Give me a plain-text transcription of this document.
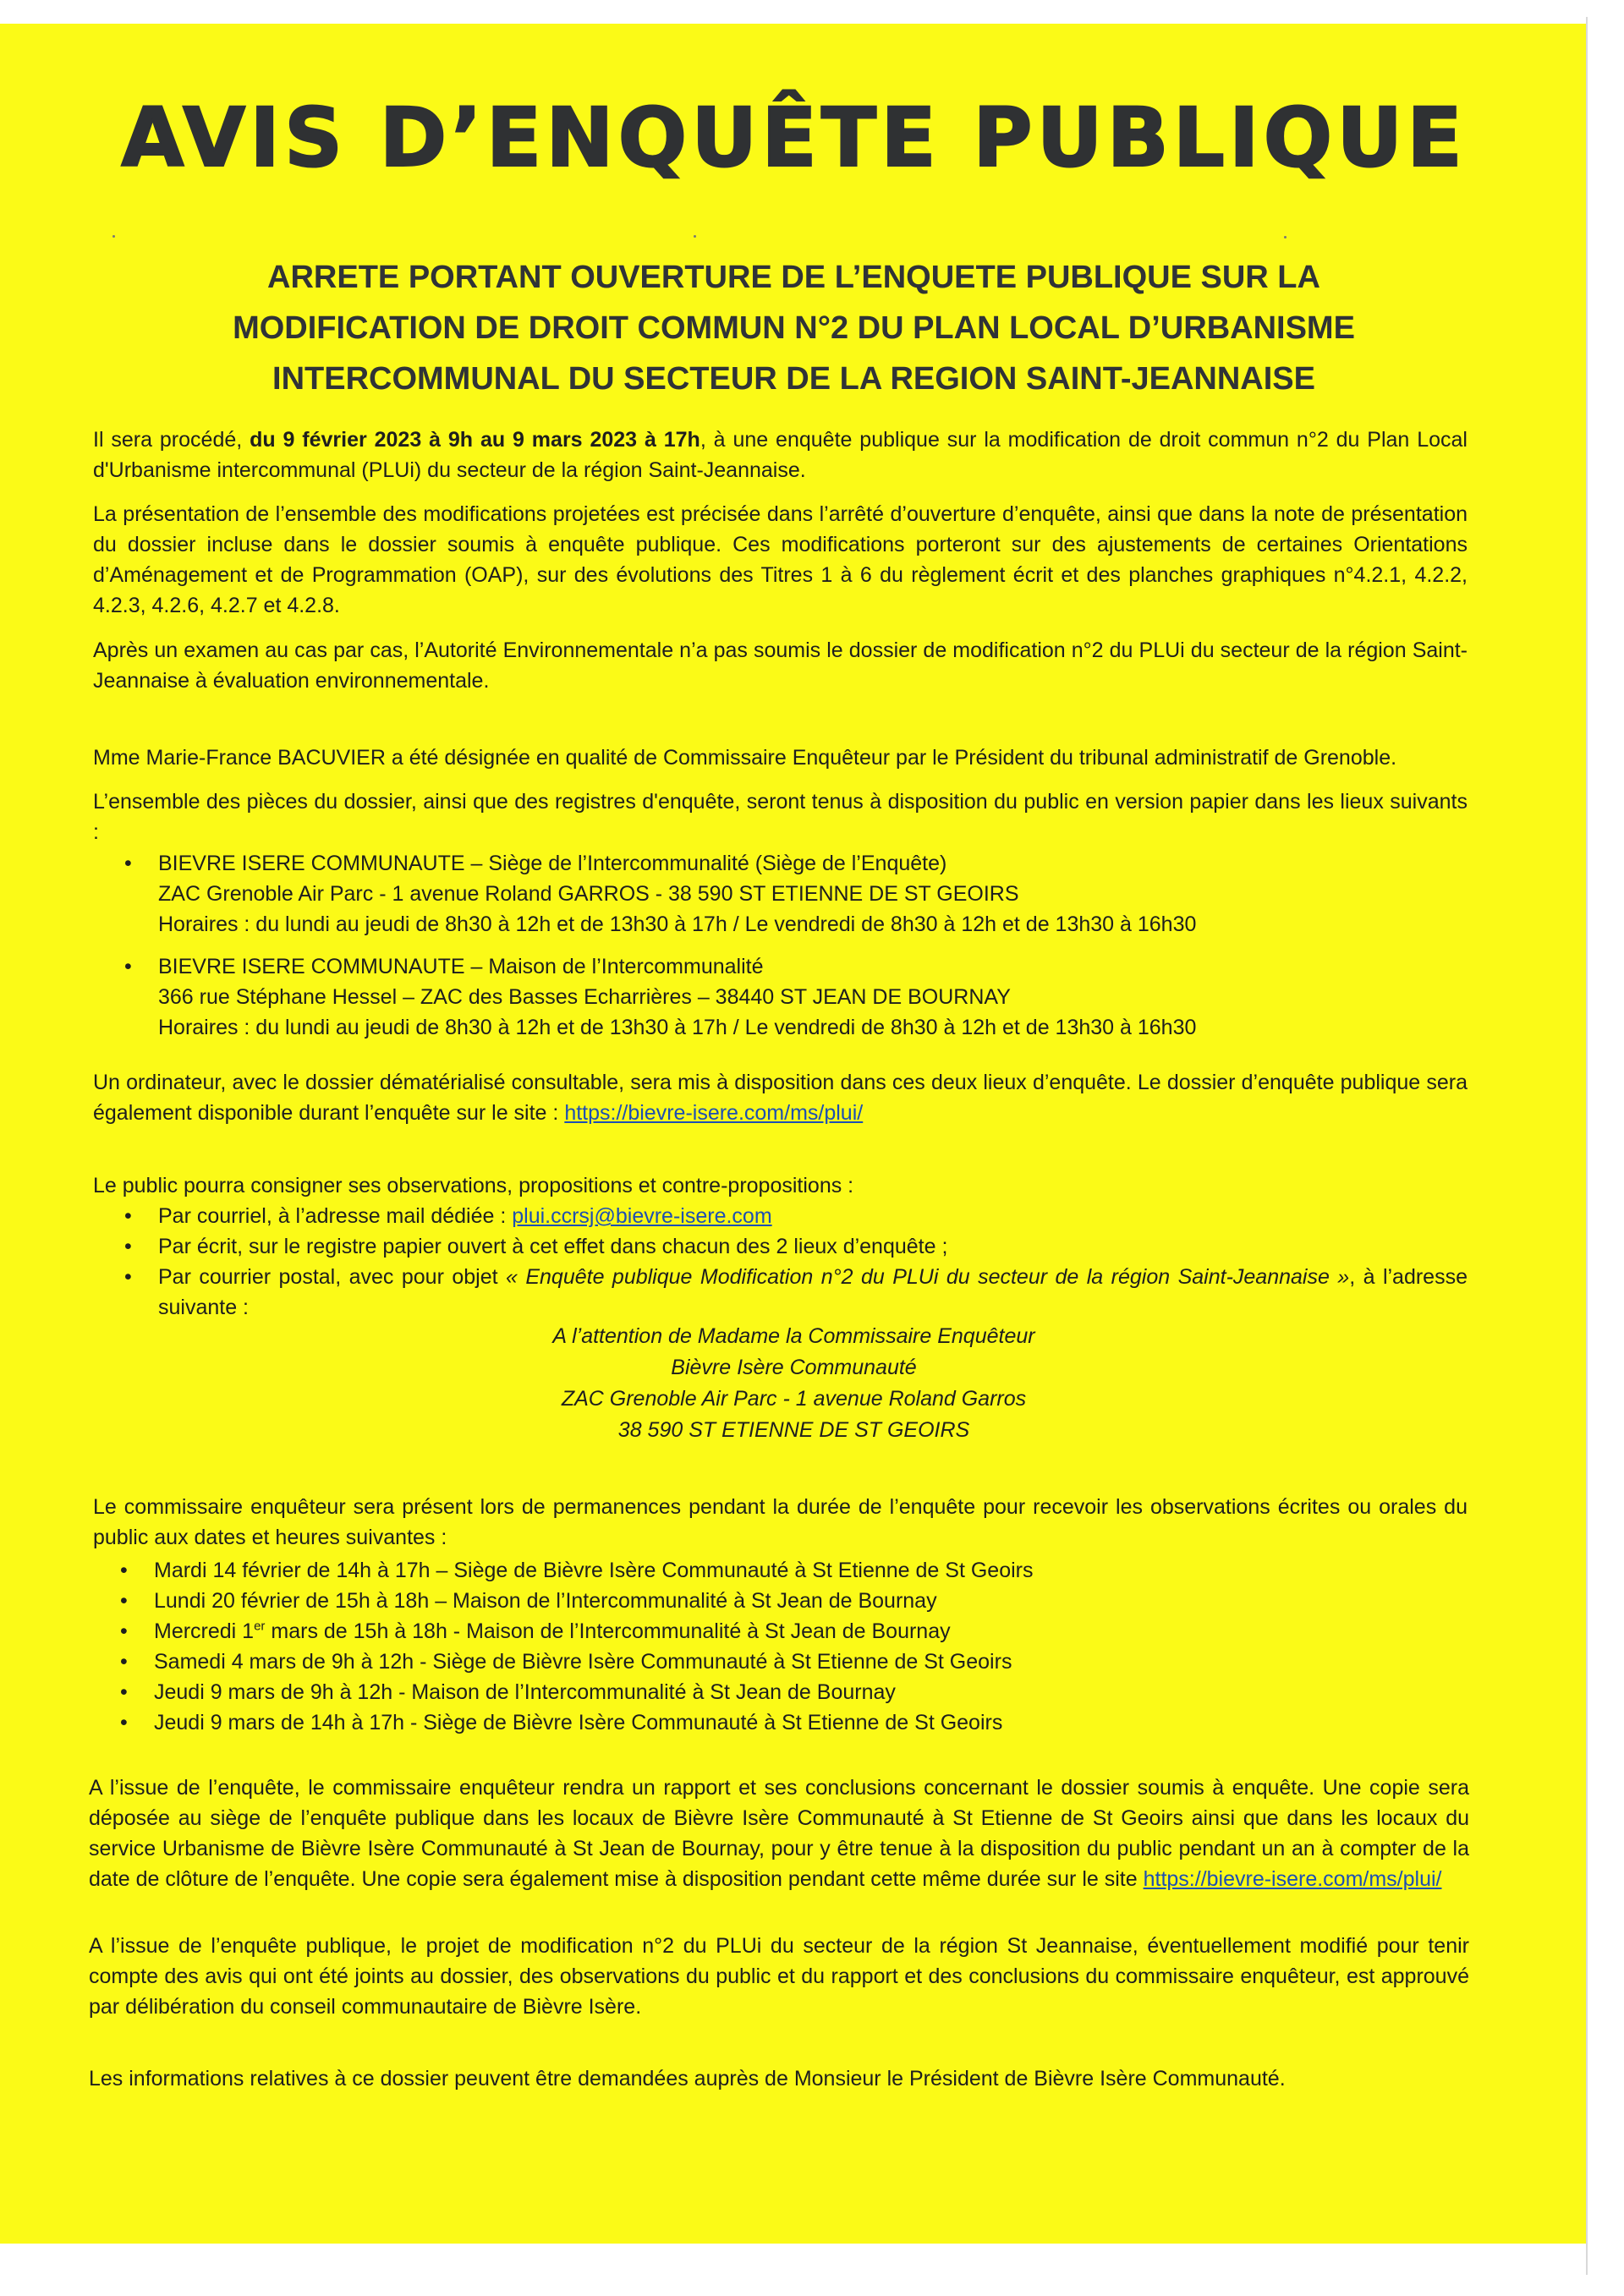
AVIS D’ENQUÊTE PUBLIQUE
ARRETE PORTANT OUVERTURE DE L’ENQUETE PUBLIQUE SUR LA
MODIFICATION DE DROIT COMMUN N°2 DU PLAN LOCAL D’URBANISME
INTERCOMMUNAL DU SECTEUR DE LA REGION SAINT-JEANNAISE

Il sera procédé, du 9 février 2023 à 9h au 9 mars 2023 à 17h, à une enquête publique sur la modification de droit commun n°2 du Plan Local d'Urbanisme intercommunal (PLUi) du secteur de la région Saint-Jeannaise.

La présentation de l’ensemble des modifications projetées est précisée dans l’arrêté d’ouverture d’enquête, ainsi que dans la note de présentation du dossier incluse dans le dossier soumis à enquête publique. Ces modifications porteront sur des ajustements de certaines Orientations d’Aménagement et de Programmation (OAP), sur des évolutions des Titres 1 à 6 du règlement écrit et des planches graphiques n°4.2.1, 4.2.2, 4.2.3, 4.2.6, 4.2.7 et 4.2.8.

Après un examen au cas par cas, l’Autorité Environnementale n’a pas soumis le dossier de modification n°2 du PLUi du secteur de la région Saint-Jeannaise à évaluation environnementale.

Mme Marie-France BACUVIER a été désignée en qualité de Commissaire Enquêteur par le Président du tribunal administratif de Grenoble.

L’ensemble des pièces du dossier, ainsi que des registres d'enquête, seront tenus à disposition du public en version papier dans les lieux suivants :

• BIEVRE ISERE COMMUNAUTE – Siège de l’Intercommunalité (Siège de l’Enquête)
ZAC Grenoble Air Parc - 1 avenue Roland GARROS - 38 590 ST ETIENNE DE ST GEOIRS
Horaires : du lundi au jeudi de 8h30 à 12h et de 13h30 à 17h / Le vendredi de 8h30 à 12h et de 13h30 à 16h30
• BIEVRE ISERE COMMUNAUTE – Maison de l’Intercommunalité
366 rue Stéphane Hessel – ZAC des Basses Echarrières – 38440 ST JEAN DE BOURNAY
Horaires : du lundi au jeudi de 8h30 à 12h et de 13h30 à 17h / Le vendredi de 8h30 à 12h et de 13h30 à 16h30

Un ordinateur, avec le dossier dématérialisé consultable, sera mis à disposition dans ces deux lieux d’enquête. Le dossier d’enquête publique sera également disponible durant l’enquête sur le site : https://bievre-isere.com/ms/plui/

Le public pourra consigner ses observations, propositions et contre-propositions :

• Par courriel, à l’adresse mail dédiée : plui.ccrsj@bievre-isere.com
• Par écrit, sur le registre papier ouvert à cet effet dans chacun des 2 lieux d’enquête ;
• Par courrier postal, avec pour objet « Enquête publique Modification n°2 du PLUi du secteur de la région Saint-Jeannaise », à l’adresse suivante :
A l’attention de Madame la Commissaire Enquêteur
Bièvre Isère Communauté
ZAC Grenoble Air Parc - 1 avenue Roland Garros
38 590 ST ETIENNE DE ST GEOIRS

Le commissaire enquêteur sera présent lors de permanences pendant la durée de l’enquête pour recevoir les observations écrites ou orales du public aux dates et heures suivantes :

• Mardi 14 février de 14h à 17h – Siège de Bièvre Isère Communauté à St Etienne de St Geoirs
• Lundi 20 février de 15h à 18h – Maison de l’Intercommunalité à St Jean de Bournay
• Mercredi 1er mars de 15h à 18h - Maison de l’Intercommunalité à St Jean de Bournay
• Samedi 4 mars de 9h à 12h - Siège de Bièvre Isère Communauté à St Etienne de St Geoirs
• Jeudi 9 mars de 9h à 12h - Maison de l’Intercommunalité à St Jean de Bournay
• Jeudi 9 mars de 14h à 17h - Siège de Bièvre Isère Communauté à St Etienne de St Geoirs

A l’issue de l’enquête, le commissaire enquêteur rendra un rapport et ses conclusions concernant le dossier soumis à enquête. Une copie sera déposée au siège de l’enquête publique dans les locaux de Bièvre Isère Communauté à St Etienne de St Geoirs ainsi que dans les locaux du service Urbanisme de Bièvre Isère Communauté à St Jean de Bournay, pour y être tenue à la disposition du public pendant un an à compter de la date de clôture de l’enquête. Une copie sera également mise à disposition pendant cette même durée sur le site https://bievre-isere.com/ms/plui/

A l’issue de l’enquête publique, le projet de modification n°2 du PLUi du secteur de la région St Jeannaise, éventuellement modifié pour tenir compte des avis qui ont été joints au dossier, des observations du public et du rapport et des conclusions du commissaire enquêteur, est approuvé par délibération du conseil communautaire de Bièvre Isère.

Les informations relatives à ce dossier peuvent être demandées auprès de Monsieur le Président de Bièvre Isère Communauté.
